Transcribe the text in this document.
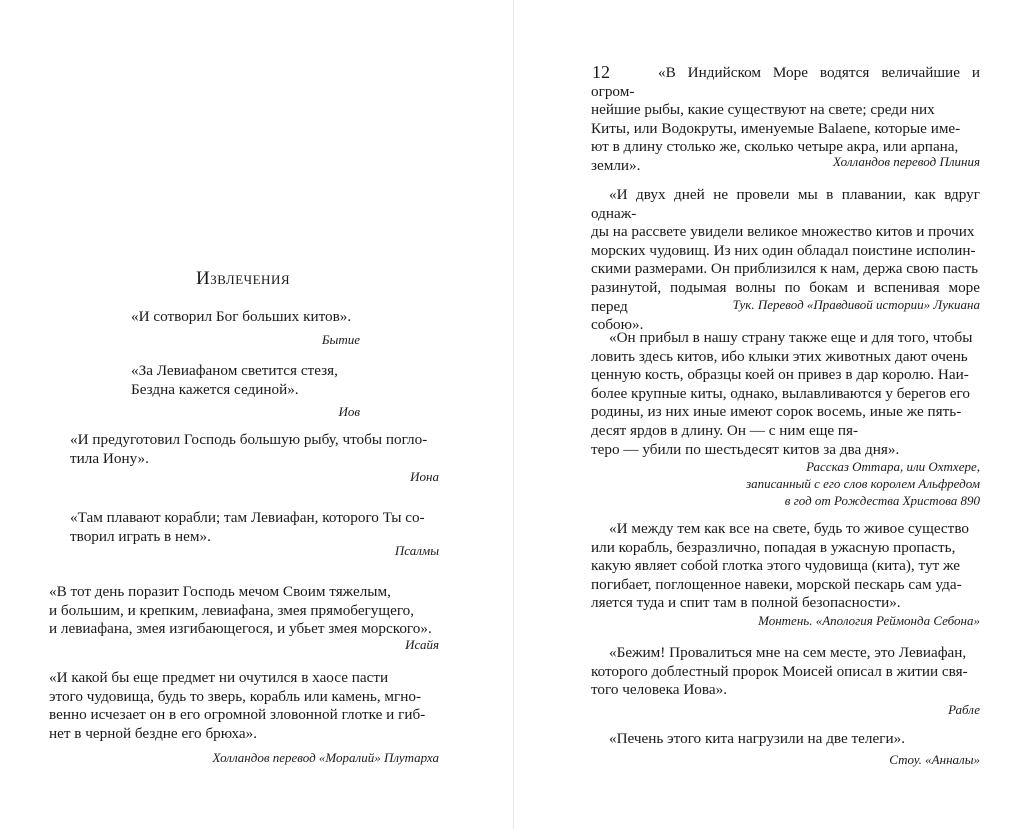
Извлечения
«И сотворил Бог больших китов».
Бытие
«За Левиафаном светится стезя,
Бездна кажется сединой».
Иов
«И предуготовил Господь большую рыбу, чтобы погло-
тила Иону».
Иона
«Там плавают корабли; там Левиафан, которого Ты со-
творил играть в нем».
Псалмы
«В тот день поразит Господь мечом Своим тяжелым,
и большим, и крепким, левиафана, змея прямобегущего,
и левиафана, змея изгибающегося, и убьет змея морского».
Исайя
«И какой бы еще предмет ни очутился в хаосе пасти
этого чудовища, будь то зверь, корабль или камень, мгно-
венно исчезает он в его огромной зловонной глотке и гиб-
нет в черной бездне его брюха».
Холландов перевод «Моралий» Плутарха
12	«В Индийском Море водятся величайшие и огром-
нейшие рыбы, какие существуют на свете; среди них
Киты, или Водокруты, именуемые Balaene, которые име-
ют в длину столько же, сколько четыре акра, или арпана,
земли».	Холландов перевод Плиния
«И двух дней не провели мы в плавании, как вдруг однаж-
ды на рассвете увидели великое множество китов и прочих
морских чудовищ. Из них один обладал поистине исполин-
скими размерами. Он приблизился к нам, держа свою пасть
разинутой, подымая волны по бокам и вспенивая море перед
собою».
Тук. Перевод «Правдивой истории» Лукиана
«Он прибыл в нашу страну также еще и для того, чтобы
ловить здесь китов, ибо клыки этих животных дают очень
ценную кость, образцы коей он привез в дар королю. Наи-
более крупные киты, однако, вылавливаются у берегов его
родины, из них иные имеют сорок восемь, иные же пять-
десят ярдов в длину. Он — с ним еще пя-
теро — убили по шестьдесят китов за два дня».
Рассказ Оттара, или Охтхере,
записанный с его слов королем Альфредом
в год от Рождества Христова 890
«И между тем как все на свете, будь то живое существо
или корабль, безразлично, попадая в ужасную пропасть,
какую являет собой глотка этого чудовища (кита), тут же
погибает, поглощенное навеки, морской пескарь сам уда-
ляется туда и спит там в полной безопасности».
Монтень. «Апология Реймонда Себона»
«Бежим! Провалиться мне на сем месте, это Левиафан,
которого доблестный пророк Моисей описал в житии свя-
того человека Иова».
Рабле
«Печень этого кита нагрузили на две телеги».
Стоу. «Анналы»
